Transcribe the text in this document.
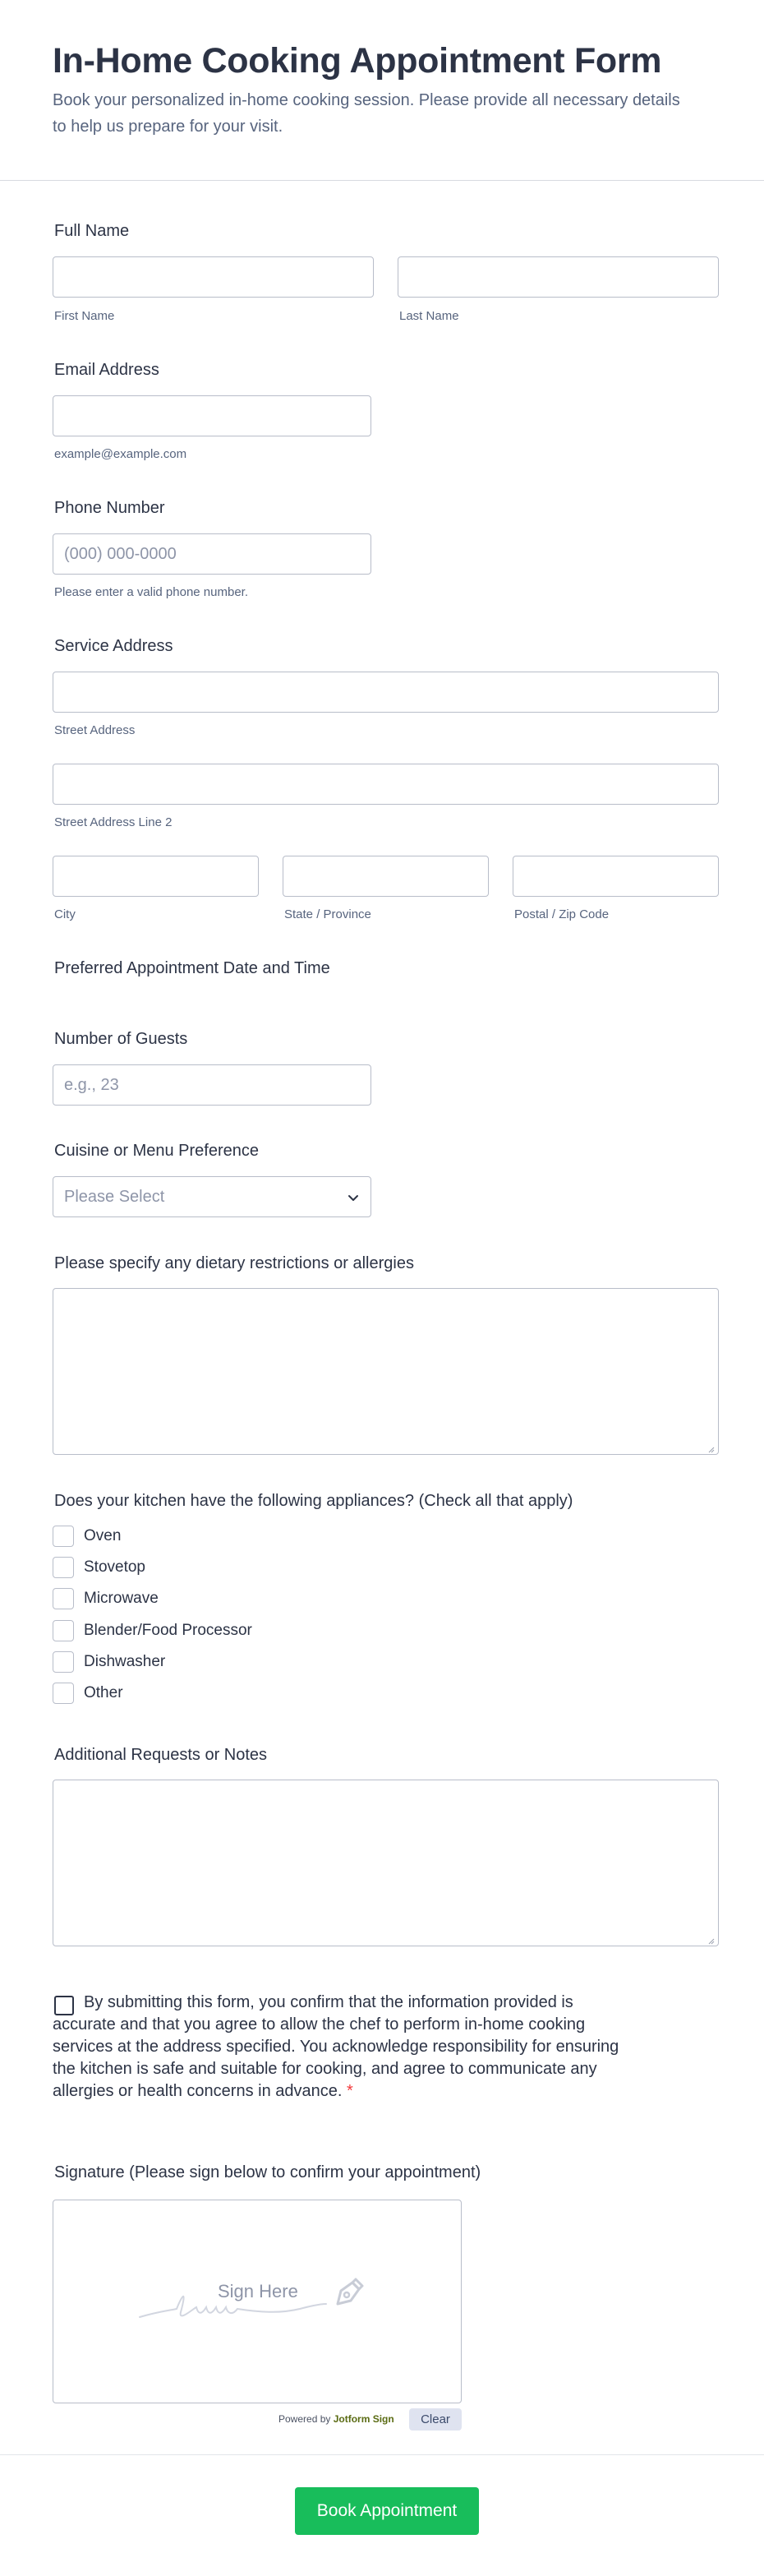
In-Home Cooking Appointment Form

Book your personalized in-home cooking session. Please provide all necessary details to help us prepare for your visit.

Full Name
First Name	Last Name
Email Address
example@example.com
Phone Number
(000) 000-0000
Please enter a valid phone number.
Service Address
Street Address
Street Address Line 2
City	State / Province	Postal / Zip Code
Preferred Appointment Date and Time
Number of Guests
e.g., 23
Cuisine or Menu Preference
Please Select
Please specify any dietary restrictions or allergies
Does your kitchen have the following appliances? (Check all that apply)
Oven
Stovetop
Microwave
Blender/Food Processor
Dishwasher
Other
Additional Requests or Notes

By submitting this form, you confirm that the information provided is accurate and that you agree to allow the chef to perform in-home cooking services at the address specified. You acknowledge responsibility for ensuring the kitchen is safe and suitable for cooking, and agree to communicate any allergies or health concerns in advance. *

Signature (Please sign below to confirm your appointment)
Sign Here
Powered by Jotform Sign	Clear
Book Appointment
